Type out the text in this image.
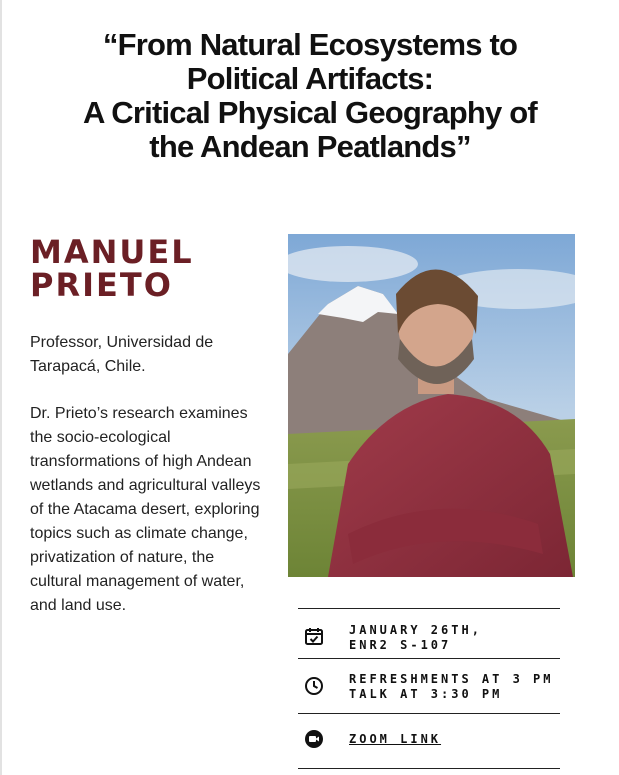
“From Natural Ecosystems to
Political Artifacts:
A Critical Physical Geography of
the Andean Peatlands”
MANUEL
PRIETO

Professor, Universidad de Tarapacá, Chile.

Dr. Prieto’s research examines the socio-ecological transformations of high Andean wetlands and agricultural valleys of the Atacama desert, exploring topics such as climate change, privatization of nature, the cultural management of water, and land use.

JANUARY 26TH,
ENR2 S-107

REFRESHMENTS AT 3 PM
TALK AT 3:30 PM

ZOOM LINK
